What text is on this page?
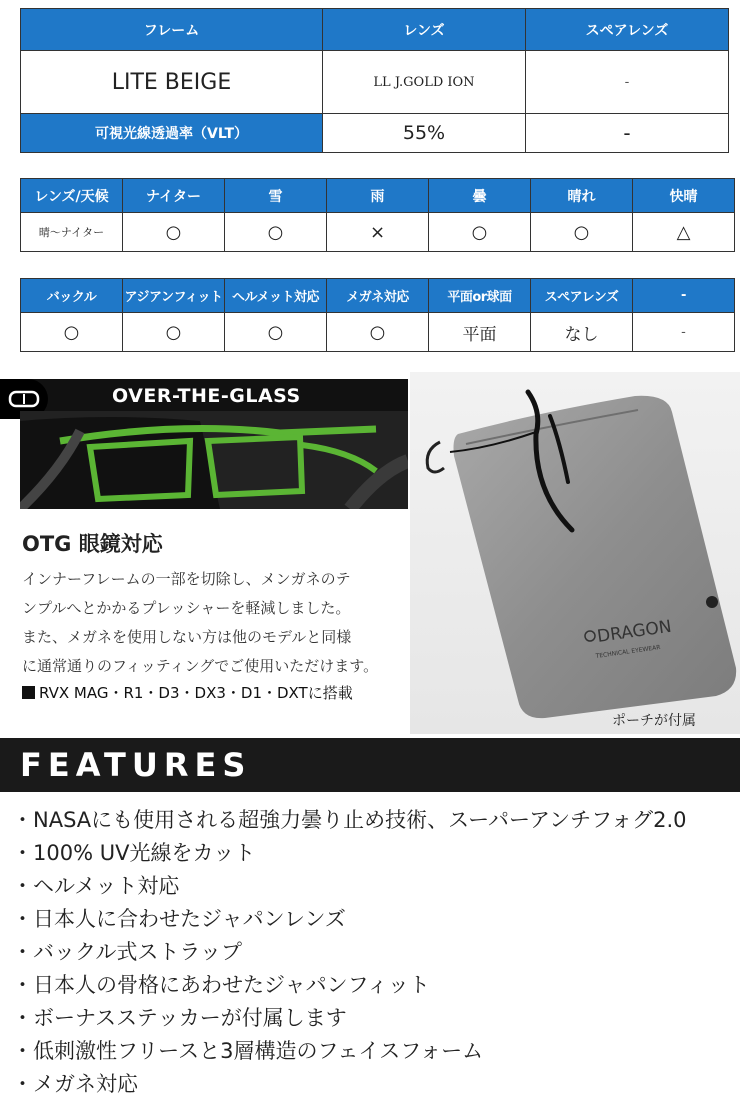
フレーム	レンズ	スペアレンズ
LITE BEIGE	LL J.GOLD ION	-
可視光線透過率（VLT）	55%	-
レンズ/天候	ナイター	雪	雨	曇	晴れ	快晴
晴～ナイター	○	○	×	○	○	△
バックル	アジアンフィット	ヘルメット対応	メガネ対応	平面or球面	スペアレンズ	-
○	○	○	○	平面	なし	-
DRAGON
TECHNICAL EYEWEAR
OVER-THE-GLASS
OTG 眼鏡対応
インナーフレームの一部を切除し、メンガネのテ
ンプルへとかかるプレッシャーを軽減しました。
また、メガネを使用しない方は他のモデルと同様
に通常通りのフィッティングでご使用いただけます。
RVX MAG・R1・D3・DX3・D1・DXTに搭載
ポーチが付属
FEATURES
・NASAにも使用される超強力曇り止め技術、スーパーアンチフォグ2.0
・100% UV光線をカット
・ヘルメット対応
・日本人に合わせたジャパンレンズ
・バックル式ストラップ
・日本人の骨格にあわせたジャパンフィット
・ボーナスステッカーが付属します
・低刺激性フリースと3層構造のフェイスフォーム
・メガネ対応
